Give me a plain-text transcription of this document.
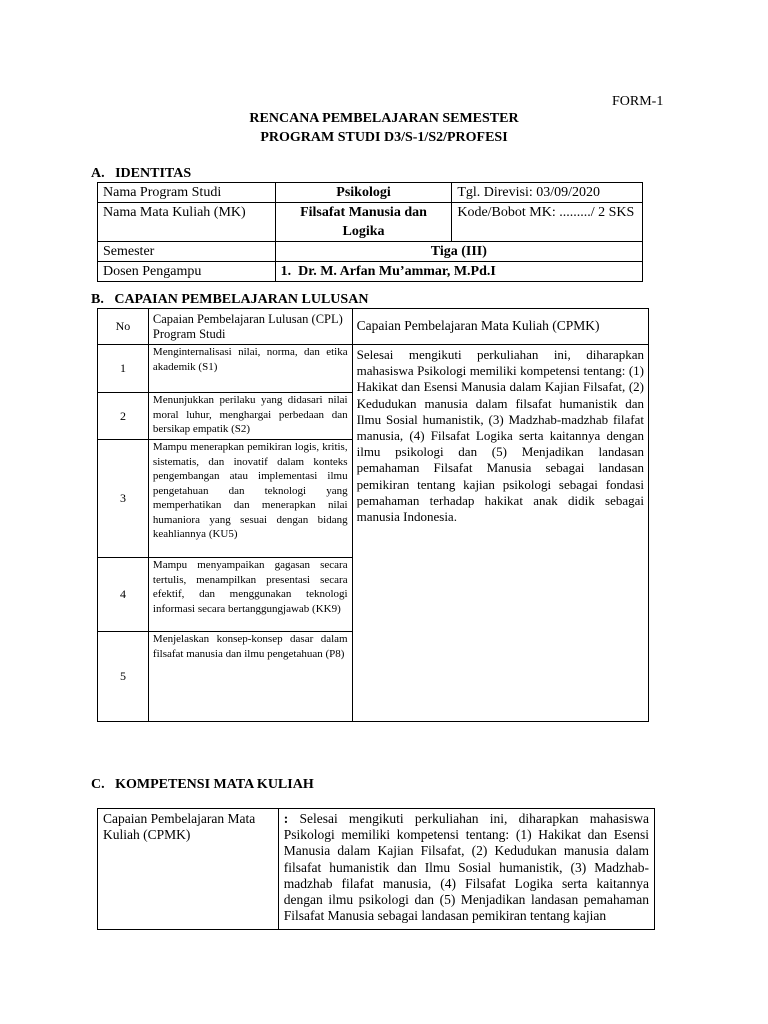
FORM-1
RENCANA PEMBELAJARAN SEMESTER
PROGRAM STUDI D3/S-1/S2/PROFESI
A.   IDENTITAS
Nama Program Studi	Psikologi	Tgl. Direvisi: 03/09/2020
Nama Mata Kuliah (MK)	Filsafat Manusia dan Logika	Kode/Bobot MK: ........./ 2 SKS
Semester	Tiga (III)	
Dosen Pengampu	1.  Dr. M. Arfan Mu’ammar, M.Pd.I	
B.   CAPAIAN PEMBELAJARAN LULUSAN
No	Capaian Pembelajaran Lulusan (CPL) Program Studi	Capaian Pembelajaran Mata Kuliah (CPMK)
1	Menginternalisasi nilai, norma, dan etika akademik (S1)	Selesai mengikuti perkuliahan ini, diharapkan mahasiswa Psikologi memiliki kompetensi tentang: (1) Hakikat dan Esensi Manusia dalam Kajian Filsafat, (2) Kedudukan manusia dalam filsafat humanistik dan Ilmu Sosial humanistik, (3) Madzhab-madzhab filafat manusia, (4) Filsafat Logika serta kaitannya dengan ilmu psikologi dan (5) Menjadikan landasan pemahaman Filsafat Manusia sebagai landasan pemikiran tentang kajian psikologi sebagai fondasi pemahaman terhadap hakikat anak didik sebagai manusia Indonesia.
2	Menunjukkan perilaku yang didasari nilai moral luhur, menghargai perbedaan dan bersikap empatik (S2)	
3	Mampu menerapkan pemikiran logis, kritis, sistematis, dan inovatif dalam konteks pengembangan atau implementasi ilmu pengetahuan dan teknologi yang memperhatikan dan menerapkan nilai humaniora yang sesuai dengan bidang keahliannya (KU5)	
4	Mampu menyampaikan gagasan secara tertulis, menampilkan presentasi secara efektif, dan menggunakan teknologi informasi secara bertanggungjawab (KK9)	
5	Menjelaskan konsep-konsep dasar dalam filsafat manusia dan ilmu pengetahuan (P8)	
C.   KOMPETENSI MATA KULIAH
Capaian Pembelajaran Mata Kuliah (CPMK)	: Selesai mengikuti perkuliahan ini, diharapkan mahasiswa Psikologi memiliki kompetensi tentang: (1) Hakikat dan Esensi Manusia dalam Kajian Filsafat, (2) Kedudukan manusia dalam filsafat humanistik dan Ilmu Sosial humanistik, (3) Madzhab-madzhab filafat manusia, (4) Filsafat Logika serta kaitannya dengan ilmu psikologi dan (5) Menjadikan landasan pemahaman Filsafat Manusia sebagai landasan pemikiran tentang kajian
